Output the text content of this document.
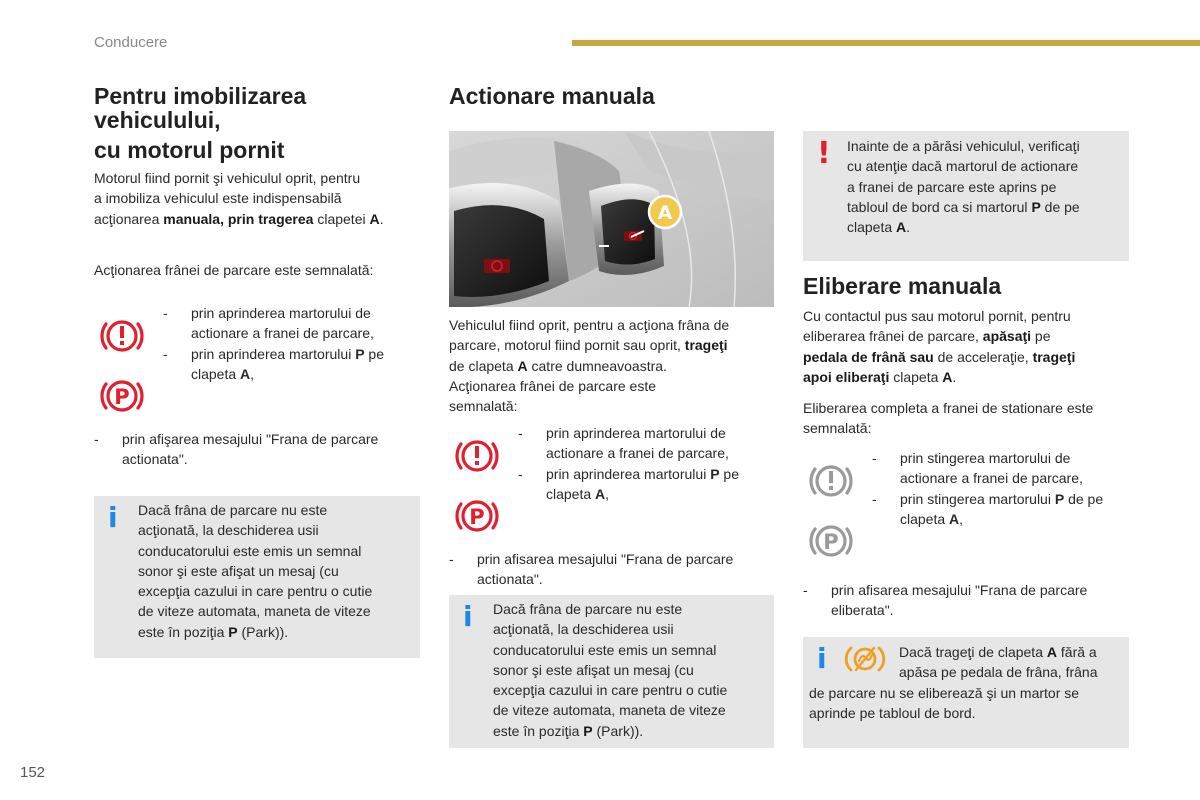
Conducere
Pentru imobilizarea
vehiculului,
cu motorul pornit

Motorul fiind pornit şi vehiculul oprit, pentru

a imobiliza vehiculul este indispensabilă

acţionarea manuala, prin tragerea clapetei A.

Acţionarea frânei de parcare este semnalată:
P
- prin aprinderea martorului de
actionare a franei de parcare,
- prin aprinderea martorului P pe
clapeta A,
- prin afişarea mesajului "Frana de parcare
actionata".
i Dacă frâna de parcare nu este

acţionată, la deschiderea usii

conducatorului este emis un semnal

sonor şi este afişat un mesaj (cu

excepţia cazului in care pentru o cutie

de viteze automata, maneta de viteze

este în poziţia P (Park)).

Actionare manuala
A

Vehiculul fiind oprit, pentru a acţiona frâna de

parcare, motorul fiind pornit sau oprit, trageţi

de clapeta A catre dumneavoastra.

Acţionarea frânei de parcare este

semnalată:

P
- prin aprinderea martorului de
actionare a franei de parcare,
- prin aprinderea martorului P pe
clapeta A,
- prin afisarea mesajului "Frana de parcare
actionata".
i Dacă frâna de parcare nu este

acţionată, la deschiderea usii

conducatorului este emis un semnal

sonor şi este afişat un mesaj (cu

excepţia cazului in care pentru o cutie

de viteze automata, maneta de viteze

este în poziţia P (Park)).

! Inainte de a părăsi vehiculul, verificaţi

cu atenţie dacă martorul de actionare

a franei de parcare este aprins pe

tabloul de bord ca si martorul P de pe

clapeta A.

Eliberare manuala

Cu contactul pus sau motorul pornit, pentru

eliberarea frânei de parcare, apăsaţi pe

pedala de frână sau de acceleraţie, trageţi

apoi eliberaţi clapeta A.

Eliberarea completa a franei de stationare este

semnalată:

P
- prin stingerea martorului de
actionare a franei de parcare,
- prin stingerea martorului P de pe
clapeta A,
- prin afisarea mesajului "Frana de parcare
eliberata".
i	Dacă trageţi de clapeta A fără a

apăsa pe pedala de frâna, frâna

de parcare nu se eliberează şi un martor se

aprinde pe tabloul de bord.

152
